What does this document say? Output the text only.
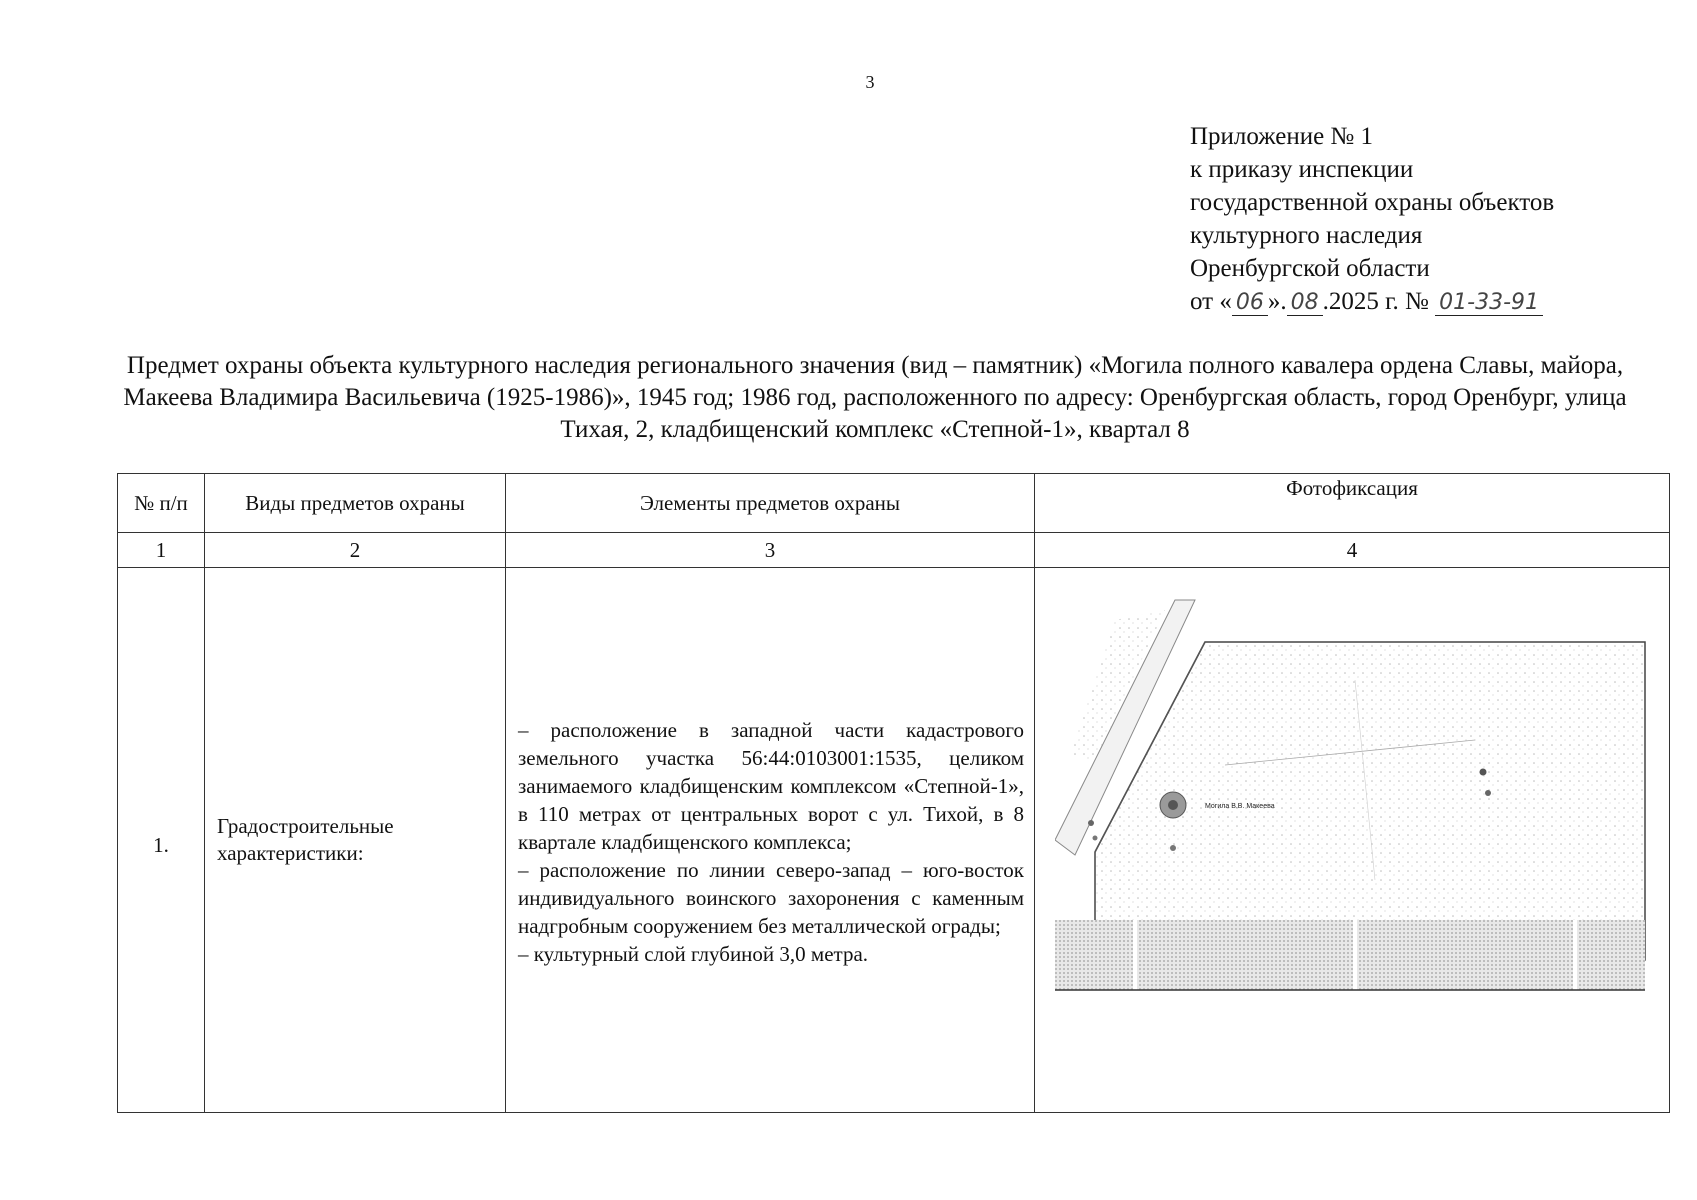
3
Приложение № 1
к приказу инспекции
государственной охраны объектов
культурного наследия
Оренбургской области
от « 06 ». 08 .2025 г. № 01-33-91
Предмет охраны объекта культурного наследия регионального значения (вид – памятник) «Могила полного кавалера ордена Славы, майора, Макеева Владимира Васильевича (1925-1986)», 1945 год; 1986 год, расположенного по адресу: Оренбургская область, город Оренбург, улица Тихая, 2, кладбищенский комплекс «Степной-1», квартал 8
№ п/п	Виды предметов охраны	Элементы предметов охраны	Фотофиксация
1	2	3	4
1.	Градостроительные характеристики:	– расположение в западной части кадастрового земельного участка 56:44:0103001:1535, целиком занимаемого кладбищенским комплексом «Степной-1», в 110 метрах от центральных ворот с ул. Тихой, в 8 квартале кладбищенского комплекса;

– расположение по линии северо-запад – юго-восток индивидуального воинского захоронения с каменным надгробным сооружением без металлической ограды;

– культурный слой глубиной 3,0 метра.	Могила В.В. Макеева
